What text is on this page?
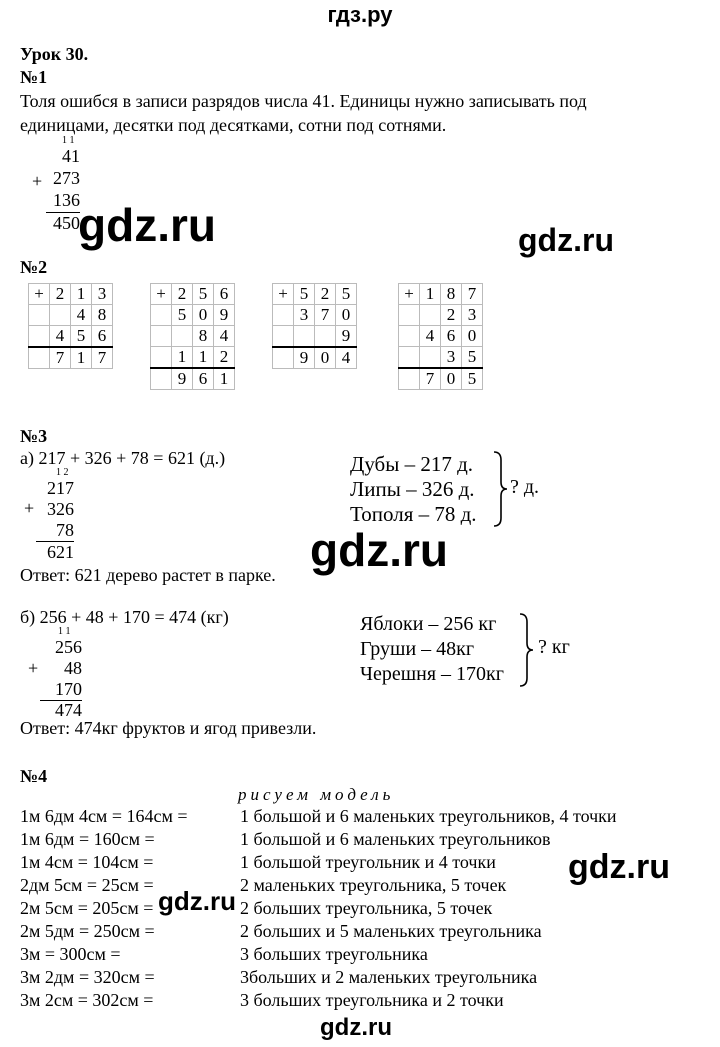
гдз.ру
Урок 30.
№1
Толя ошибся в записи разрядов числа 41. Единицы нужно записывать под
единицами, десятки под десятками, сотни под сотнями.
1 1
41
+ 273
136
450
gdz.ru	gdz.ru
№2
+	2	1	3
		4	8
	4	5	6
	7	1	7
+	2	5	6
	5	0	9
		8	4
	1	1	2
	9	6	1
+	5	2	5
	3	7	0
			9
	9	0	4
+	1	8	7
		2	3
	4	6	0
		3	5
	7	0	5
№3
а) 217 + 326 + 78 = 621 (д.)
1 2
217
+ 326
78
621
Ответ: 621 дерево растет в парке.
Дубы – 217 д.
Липы – 326 д.
Тополя – 78 д.
? д.
gdz.ru
б) 256 + 48 + 170 = 474 (кг)
1 1
256
+	48
170
474
Ответ: 474кг фруктов и ягод привезли.
Яблоки – 256 кг
Груши – 48кг
Черешня – 170кг
? кг
№4
рисуем модель
1м 6дм 4см = 164см =	1 большой и 6 маленьких треугольников, 4 точки
1м 6дм = 160см =	1 большой и 6 маленьких треугольников
1м 4см = 104см =	1 большой треугольник и 4 точки
2дм 5см = 25см =	2 маленьких треугольника, 5 точек
2м 5см = 205см =	2 больших треугольника, 5 точек
2м 5дм = 250см =	2 больших и 5 маленьких треугольника
3м = 300см =	3 больших треугольника
3м 2дм = 320см =	3больших и 2 маленьких треугольника
3м 2см = 302см =	3 больших треугольника и 2 точки
gdz.ru
gdz.ru
gdz.ru
